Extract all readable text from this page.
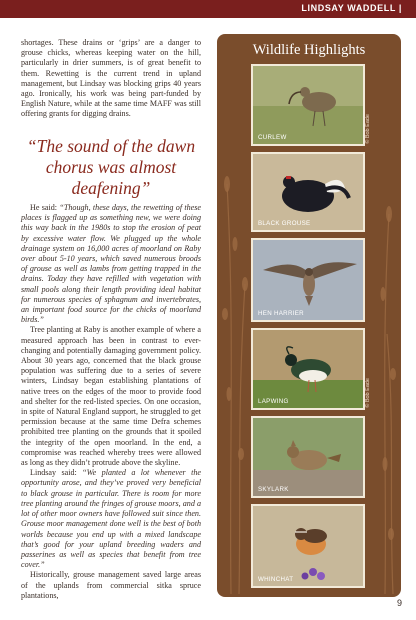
LINDSAY WADDELL |

shortages. These drains or ‘grips’ are a danger to grouse chicks, whereas keeping water on the hill, particularly in drier summers, is of great benefit to them. Rewetting is the current trend in upland management, but Lindsay was blocking grips 40 years ago. Ironically, his work was being part-funded by English Nature, while at the same time MAFF was still offering grants for digging drains.

“The sound of the dawn chorus was almost deafening”

He said: “Though, these days, the rewetting of these places is flagged up as something new, we were doing this way back in the 1980s to stop the erosion of peat by excessive water flow. We plugged up the whole drainage system on 16,000 acres of moorland on Raby over about 5-10 years, which saved numerous broods of grouse as well as lambs from getting trapped in the drains. Today they have refilled with vegetation with small pools along their length providing ideal habitat for numerous species of sphagnum and invertebrates, an important food source for the chicks of moorland birds.”

Tree planting at Raby is another example of where a measured approach has been in contrast to ever-changing and potentially damaging government policy. About 30 years ago, concerned that the black grouse population was suffering due to a series of severe winters, Lindsay began establishing plantations of native trees on the edges of the moor to provide food and shelter for the red-listed species. On one occasion, in spite of Natural England support, he struggled to get permission because at the same time Defra schemes prohibited tree planting on the grounds that it spoiled the integrity of the open moorland. In the end, a compromise was reached whereby trees were allowed as long as they didn’t protrude above the skyline.

Lindsay said: “We planted a lot whenever the opportunity arose, and they’ve proved very beneficial to black grouse in particular. There is room for more tree planting around the fringes of grouse moors, and a lot of other moor owners have followed suit since then. Grouse moor management done well is the best of both worlds because you end up with a mixed landscape that’s good for your upland breeding waders and passerines as well as species that benefit from tree cover.”

Historically, grouse management saved large areas of the uplands from commercial sitka spruce plantations,

Wildlife Highlights
CURLEW	© Bob Eade
BLACK GROUSE
HEN HARRIER
LAPWING	© Bob Eade
SKYLARK
WHINCHAT
9
